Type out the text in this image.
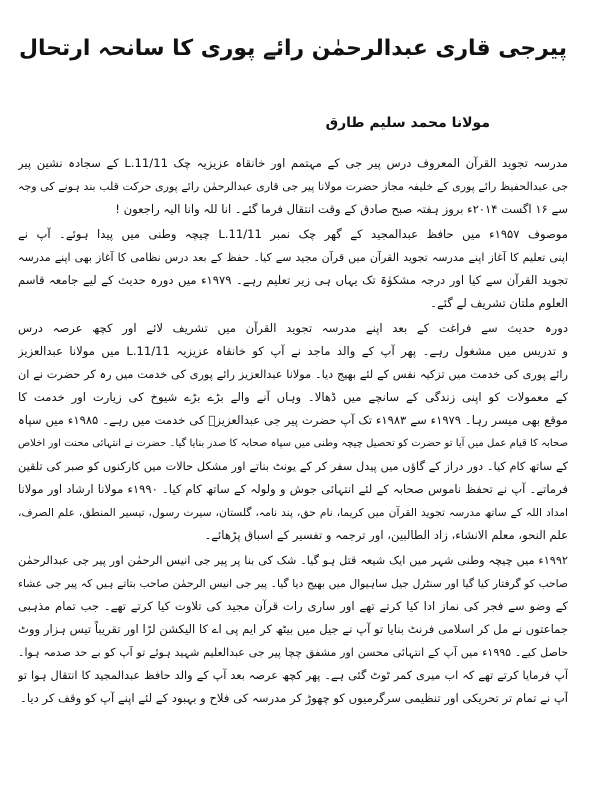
پیرجی قاری عبدالرحمٰن رائے پوری کا سانحہ ارتحال
مولانا محمد سلیم طارق
مدرسہ تجوید القرآن المعروف درس پیر جی کے مہتمم اور خانقاہ عزیزیہ چک 11/11.L کے سجادہ نشین پیر
جی عبدالحفیظ رائے پوری کے خلیفہ مجاز حضرت مولانا پیر جی قاری عبدالرحمٰن رائے پوری حرکت قلب بند ہونے کی وجہ
سے ۱۶ اگست ۲۰۱۴ء بروز ہفتہ صبح صادق کے وقت انتقال فرما گئے۔ انا للہ وانا الیہ راجعون !
موصوف ۱۹۵۷ء میں حافظ عبدالمجید کے گھر چک نمبر 11/11.L چیچہ وطنی میں پیدا ہوئے۔ آپ نے
اپنی تعلیم کا آغاز اپنے مدرسہ تجوید القرآن میں قرآن مجید سے کیا۔ حفظ کے بعد درس نظامی کا آغاز بھی اپنے مدرسہ
تجوید القرآن سے کیا اور درجہ مشکوٰۃ تک یہاں ہی زیر تعلیم رہے۔ ۱۹۷۹ء میں دورہ حدیث کے لیے جامعہ قاسم
العلوم ملتان تشریف لے گئے۔
دورہ حدیث سے فراغت کے بعد اپنے مدرسہ تجوید القرآن میں تشریف لائے اور کچھ عرصہ درس
و تدریس میں مشغول رہے۔ پھر آپ کے والد ماجد نے آپ کو خانقاہ عزیزیہ 11/11.L میں مولانا عبدالعزیز
رائے پوری کی خدمت میں تزکیہ نفس کے لئے بھیج دیا۔ مولانا عبدالعزیز رائے پوری کی خدمت میں رہ کر حضرت نے ان
کے معمولات کو اپنی زندگی کے سانچے میں ڈھالا۔ وہاں آنے والے بڑے بڑے شیوخ کی زیارت اور خدمت کا
موقع بھی میسر رہا۔ ۱۹۷۹ء سے ۱۹۸۳ء تک آپ حضرت پیر جی عبدالعزیزؒ کی خدمت میں رہے۔ ۱۹۸۵ء میں سپاہ
صحابہ کا قیام عمل میں آیا تو حضرت کو تحصیل چیچہ وطنی میں سپاہ صحابہ کا صدر بنایا گیا۔ حضرت نے انتہائی محنت اور اخلاص
کے ساتھ کام کیا۔ دور دراز کے گاؤں میں پیدل سفر کر کے یونٹ بناتے اور مشکل حالات میں کارکنوں کو صبر کی تلقین
فرماتے۔ آپ نے تحفظ ناموس صحابہ کے لئے انتہائی جوش و ولولہ کے ساتھ کام کیا۔ ۱۹۹۰ء مولانا ارشاد اور مولانا
امداد اللہ کے ساتھ مدرسہ تجوید القرآن میں کریما، نام حق، پند نامہ، گلستان، سیرت رسول، تیسیر المنطق، علم الصرف،
علم النحو، معلم الانشاء، زاد الطالبین، اور ترجمہ و تفسیر کے اسباق پڑھائے۔
۱۹۹۲ء میں چیچہ وطنی شہر میں ایک شیعہ قتل ہو گیا۔ شک کی بنا پر پیر جی انیس الرحمٰن اور پیر جی عبدالرحمٰن
صاحب کو گرفتار کیا گیا اور سنٹرل جیل ساہیوال میں بھیج دیا گیا۔ پیر جی انیس الرحمٰن صاحب بتاتے ہیں کہ پیر جی عشاء
کے وضو سے فجر کی نماز ادا کیا کرتے تھے اور ساری رات قرآن مجید کی تلاوت کیا کرتے تھے۔ جب تمام مذہبی
جماعتوں نے مل کر اسلامی فرنٹ بنایا تو آپ نے جیل میں بیٹھ کر ایم پی اے کا الیکشن لڑا اور تقریباً تیس ہزار ووٹ
حاصل کیے۔ ۱۹۹۵ء میں آپ کے انتہائی محسن اور مشفق چچا پیر جی عبدالعلیم شہید ہوئے تو آپ کو بے حد صدمہ ہوا۔
آپ فرمایا کرتے تھے کہ اب میری کمر ٹوٹ گئی ہے۔ پھر کچھ عرصہ بعد آپ کے والد حافظ عبدالمجید کا انتقال ہوا تو
آپ نے تمام تر تحریکی اور تنظیمی سرگرمیوں کو چھوڑ کر مدرسہ کی فلاح و بہبود کے لئے اپنے آپ کو وقف کر دیا۔
